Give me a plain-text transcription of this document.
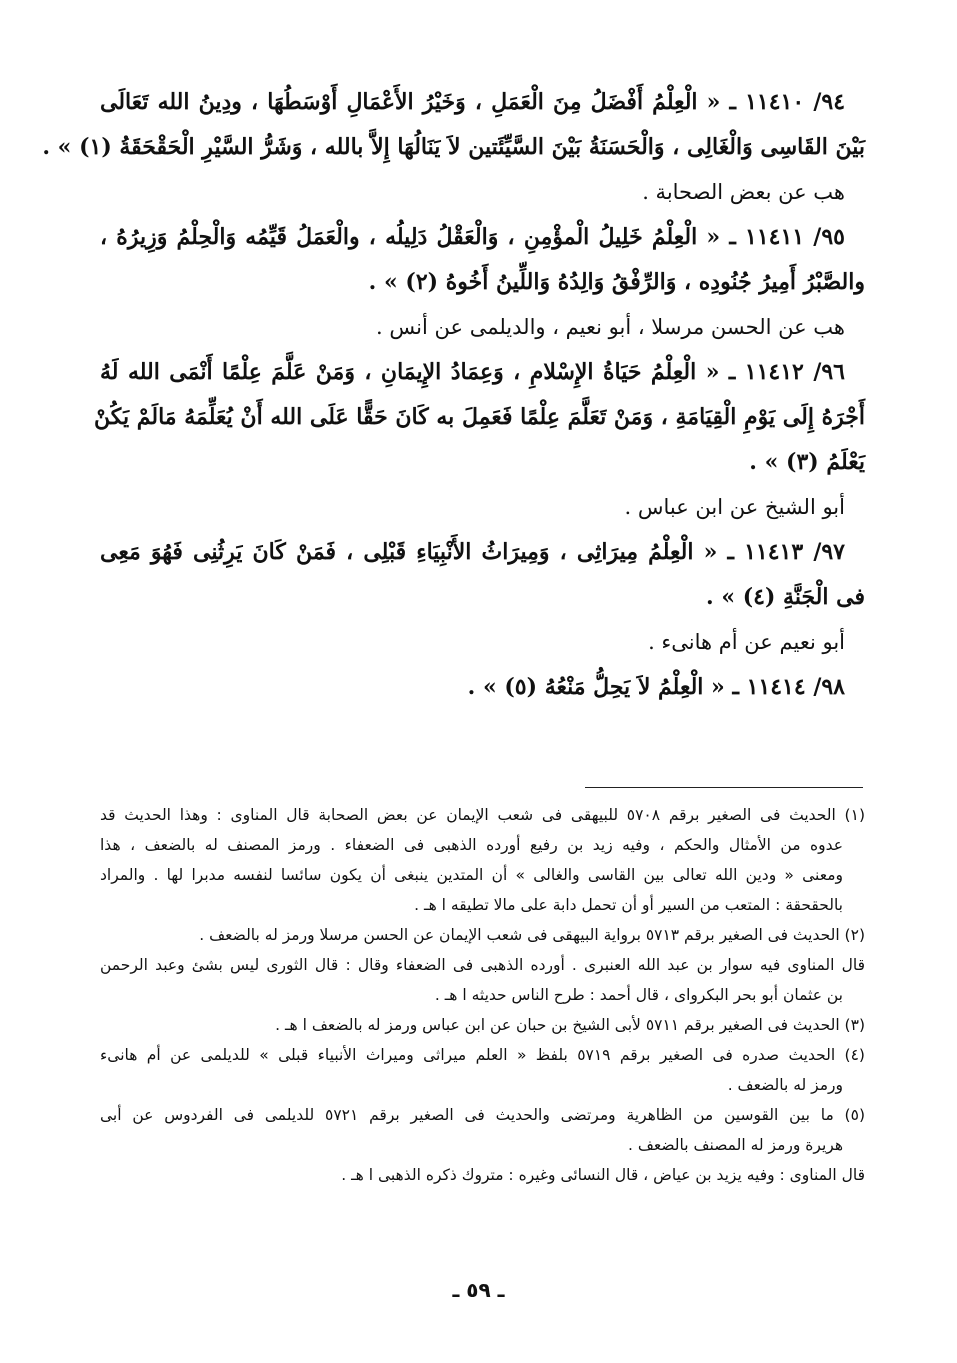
٩٤/ ١١٤١٠ ـ « الْعِلْمُ أَفْضَلُ مِنَ الْعَمَلِ ، وَخَيْرُ الأَعْمَالِ أَوْسَطُهَا ، ودِينُ الله تَعَالَى
بَيْنَ القَاسِى وَالْغَالِى ، وَالْحَسَنَةُ بَيْنَ السَّيِّئَتين لاَ يَنَالُهَا إِلاَّ بالله ، وَشَرُّ السَّيْرِ الْحَقْحَقَةُ (١) » .
هب عن بعض الصحابة .
٩٥/ ١١٤١١ ـ « الْعِلْمُ خَلِيلُ الْمؤْمِنِ ، وَالْعَقْلُ دَلِيلُه ، والْعَمَلُ قَيِّمُه وَالْحِلْمُ وَزِيرُهُ ،
والصَّبْرُ أَمِيرُ جُنُودِه ، وَالرِّفْقُ وَالِدُهُ وَاللِّينُ أَخُوهُ (٢) » .
هب عن الحسن مرسلا ، أبو نعيم ، والديلمى عن أنس .
٩٦/ ١١٤١٢ ـ « الْعِلْمُ حَيَاةُ الإِسْلامِ ، وَعِمَادُ الإِيمَانِ ، وَمَنْ عَلَّمَ عِلْمًا أَنْمَى الله لَهُ
أَجْرَهُ إِلَى يَوْمِ الْقِيَامَةِ ، وَمَنْ تَعَلَّمَ عِلْمًا فَعَمِلَ به كَانَ حَقًّا عَلَى الله أَنْ يُعَلِّمَهُ مَالَمْ يَكُنْ
يَعْلَمُ (٣) » .
أبو الشيخ عن ابن عباس .
٩٧/ ١١٤١٣ ـ « الْعِلْمُ مِيرَاثِى ، وَمِيرَاثُ الأَنْبِيَاءِ قَبْلِى ، فَمَنْ كَانَ يَرِثُنِى فَهُوَ مَعِى
فى الْجَنَّةِ (٤) » .
أبو نعيم عن أم هانىء .
٩٨/ ١١٤١٤ ـ « الْعِلْمُ لاَ يَحِلُّ مَنْعُهُ (٥) » .
(١) الحديث فى الصغير برقم ٥٧٠٨ للبيهقى فى شعب الإيمان عن بعض الصحابة قال المناوى : وهذا الحديث قد
عدوه من الأمثال والحكم ، وفيه زيد بن رفيع أورده الذهبى فى الضعفاء . ورمز المصنف له بالضعف ، هذا
ومعنى « ودين الله تعالى بين القاسى والغالى » أن المتدين ينبغى أن يكون سائسا لنفسه مدبرا لها . والمراد
بالحقحقة : المتعب من السير أو أن تحمل دابة على مالا تطيقه ا هـ .
(٢) الحديث فى الصغير برقم ٥٧١٣ برواية البيهقى فى شعب الإيمان عن الحسن مرسلا ورمز له بالضعف .
قال المناوى فيه سوار بن عبد الله العنبرى . أورده الذهبى فى الضعفاء وقال : قال الثورى ليس بشئ وعبد الرحمن
بن عثمان أبو بحر البكرواى ، قال أحمد : طرح الناس حديثه ا هـ .
(٣) الحديث فى الصغير برقم ٥٧١١ لأبى الشيخ بن حبان عن ابن عباس ورمز له بالضعف ا هـ .
(٤) الحديث صدره فى الصغير برقم ٥٧١٩ بلفظ « العلم ميراثى وميراث الأنبياء قبلى » للديلمى عن أم هانىء
ورمز له بالضعف .
(٥) ما بين القوسين من الظاهرية ومرتضى والحديث فى الصغير برقم ٥٧٢١ للديلمى فى الفردوس عن أبى
هريرة ورمز له المصنف بالضعف .
قال المناوى : وفيه يزيد بن عياض ، قال النسائى وغيره : متروك ذكره الذهبى ا هـ .
ـ ٥٩ ـ
